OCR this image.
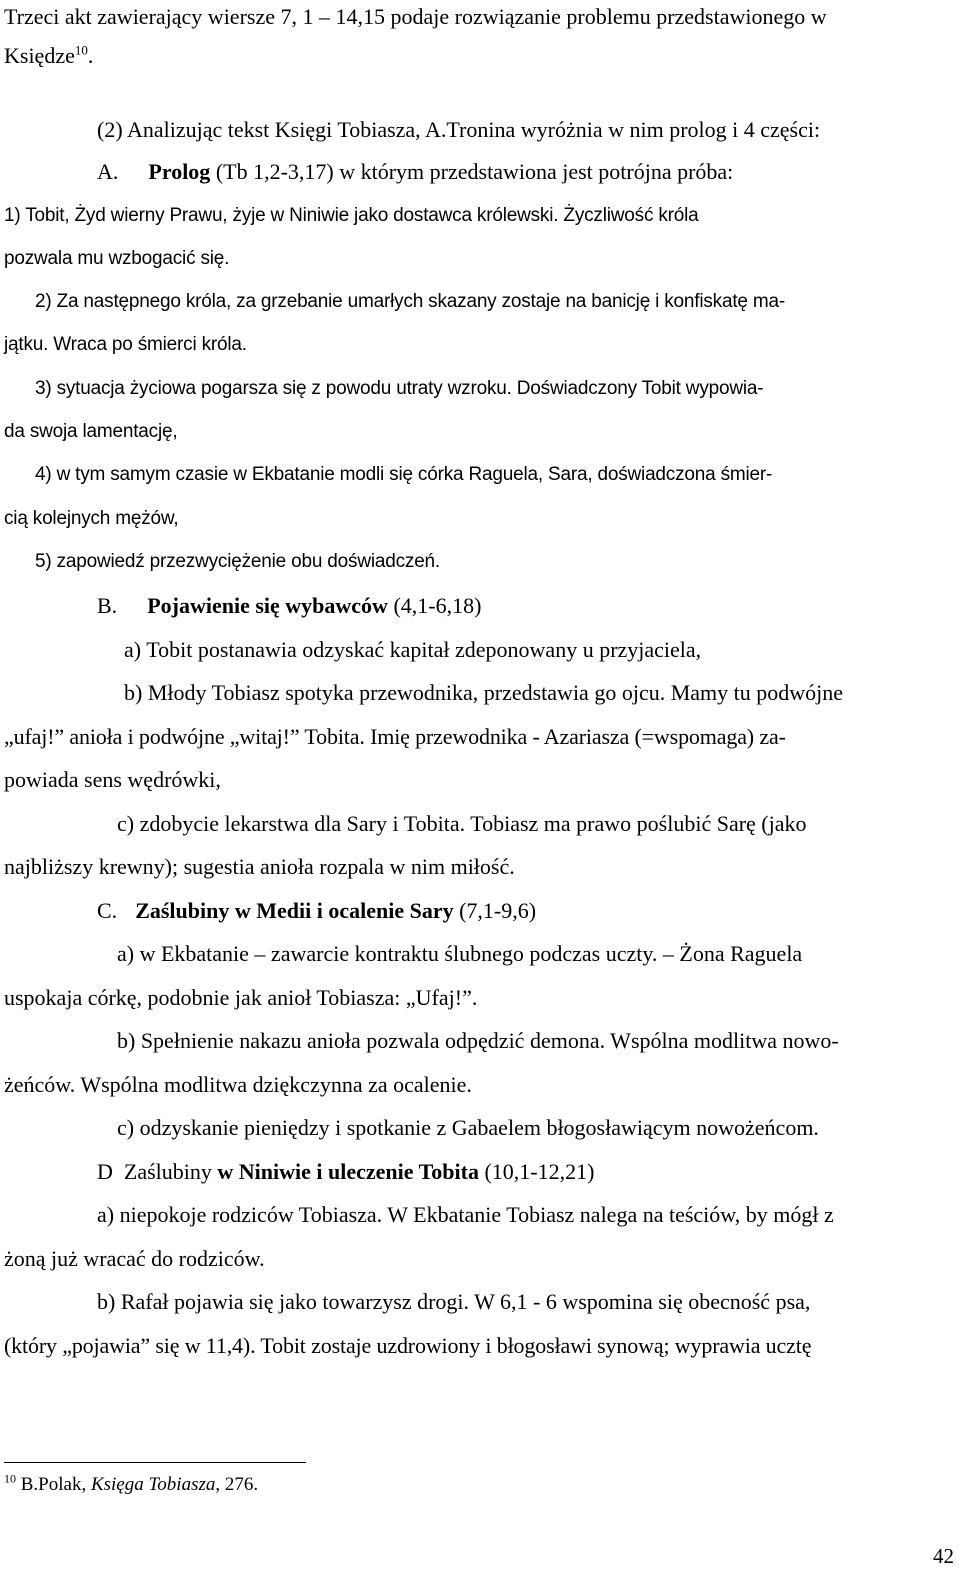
Trzeci akt zawierający wiersze 7, 1 – 14,15 podaje rozwiązanie problemu przedstawionego w
Księdze$^{10}$.
(2) Analizując tekst Księgi Tobiasza, A.Tronina wyróżnia w nim prolog i 4 części:
A. Prolog (Tb 1,2-3,17) w którym przedstawiona jest potrójna próba:
1) Tobit, Żyd wierny Prawu, żyje w Niniwie jako dostawca królewski. Życzliwość króla
pozwala mu wzbogacić się.
2) Za następnego króla, za grzebanie umarłych skazany zostaje na banicję i konfiskatę ma-
jątku. Wraca po śmierci króla.
3) sytuacja życiowa pogarsza się z powodu utraty wzroku. Doświadczony Tobit wypowia-
da swoja lamentację,
4) w tym samym czasie w Ekbatanie modli się córka Raguela, Sara, doświadczona śmier-
cią kolejnych mężów,
5) zapowiedź przezwyciężenie obu doświadczeń.
B. Pojawienie się wybawców (4,1-6,18)
a) Tobit postanawia odzyskać kapitał zdeponowany u przyjaciela,
b) Młody Tobiasz spotyka przewodnika, przedstawia go ojcu. Mamy tu podwójne
„ufaj!” anioła i podwójne „witaj!” Tobita. Imię przewodnika - Azariasza (=wspomaga) za-
powiada sens wędrówki,
c) zdobycie lekarstwa dla Sary i Tobita. Tobiasz ma prawo poślubić Sarę (jako
najbliższy krewny); sugestia anioła rozpala w nim miłość.
C. Zaślubiny w Medii i ocalenie Sary (7,1-9,6)
a) w Ekbatanie – zawarcie kontraktu ślubnego podczas uczty. – Żona Raguela
uspokaja córkę, podobnie jak anioł Tobiasza: „Ufaj!”.
b) Spełnienie nakazu anioła pozwala odpędzić demona. Wspólna modlitwa nowo-
żeńców. Wspólna modlitwa dziękczynna za ocalenie.
c) odzyskanie pieniędzy i spotkanie z Gabaelem błogosławiącym nowożeńcom.
D  Zaślubiny w Niniwie i uleczenie Tobita (10,1-12,21)
a) niepokoje rodziców Tobiasza. W Ekbatanie Tobiasz nalega na teściów, by mógł z
żoną już wracać do rodziców.
b) Rafał pojawia się jako towarzysz drogi. W 6,1 - 6 wspomina się obecność psa,
(który „pojawia” się w 11,4). Tobit zostaje uzdrowiony i błogosławi synową; wyprawia ucztę
$^{10}$ B.Polak, Księga Tobiasza, 276.
42
